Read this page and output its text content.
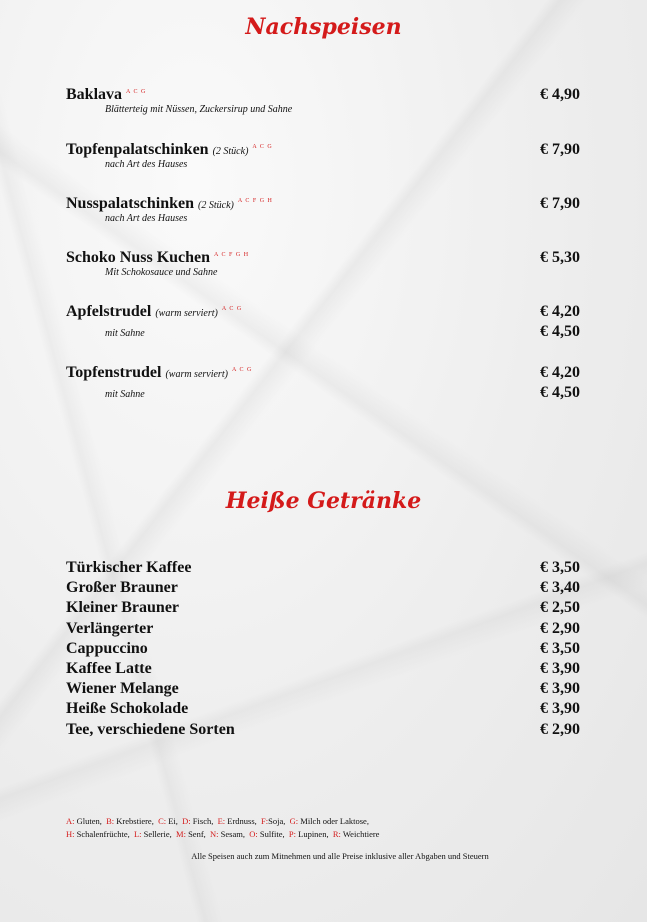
Nachspeisen
Baklava $^{A C G}$	€ 4,90
Blätterteig mit Nüssen, Zuckersirup und Sahne
Topfenpalatschinken (2 Stück) $^{A C G}$	€ 7,90
nach Art des Hauses
Nusspalatschinken (2 Stück) $^{A C F G H}$	€ 7,90
nach Art des Hauses
Schoko Nuss Kuchen $^{A C F G H}$	€ 5,30
Mit Schokosauce und Sahne
Apfelstrudel (warm serviert) $^{A C G}$	€ 4,20
mit Sahne	€ 4,50
Topfenstrudel (warm serviert) $^{A C G}$	€ 4,20
mit Sahne	€ 4,50
Heiße Getränke
Türkischer Kaffee	€ 3,50
Großer Brauner	€ 3,40
Kleiner Brauner	€ 2,50
Verlängerter	€ 2,90
Cappuccino	€ 3,50
Kaffee Latte	€ 3,90
Wiener Melange	€ 3,90
Heiße Schokolade	€ 3,90
Tee, verschiedene Sorten	€ 2,90
A: Gluten, B: Krebstiere, C: Ei, D: Fisch, E: Erdnuss, F:Soja, G: Milch oder Laktose,
H: Schalenfrüchte, L: Sellerie, M: Senf, N: Sesam, O: Sulfite, P: Lupinen, R: Weichtiere
Alle Speisen auch zum Mitnehmen und alle Preise inklusive aller Abgaben und Steuern
